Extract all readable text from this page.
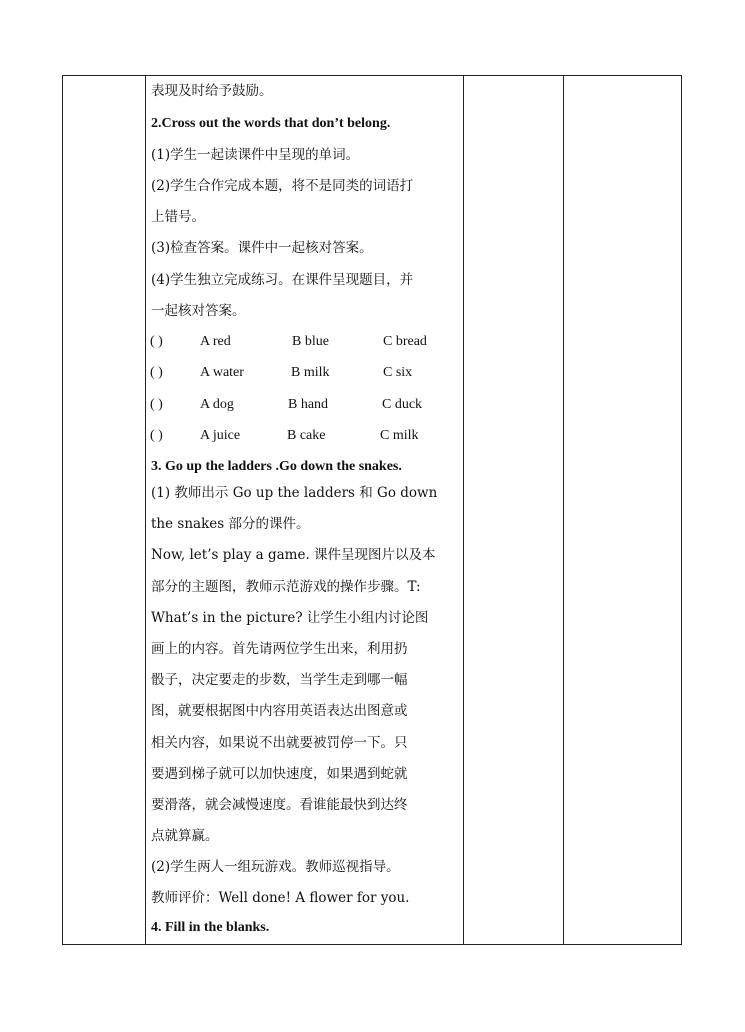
表现及时给予鼓励。
2.Cross out the words that don’t belong.
(1)学生一起读课件中呈现的单词。
(2)学生合作完成本题，将不是同类的词语打
上错号。
(3)检查答案。课件中一起核对答案。
(4)学生独立完成练习。在课件呈现题目，并
一起核对答案。
( )	A red	B blue	C bread
( )	A water	B milk	C six
( )	A dog	B hand	C duck
( )	A juice	B cake	C milk
3. Go up the ladders .Go down the snakes.
(1) 教师出示 Go up the ladders 和 Go down
the snakes 部分的课件。
Now, let’s play a game. 课件呈现图片以及本
部分的主题图，教师示范游戏的操作步骤。T:
What’s in the picture? 让学生小组内讨论图
画上的内容。首先请两位学生出来，利用扔
骰子，决定要走的步数，当学生走到哪一幅
图，就要根据图中内容用英语表达出图意或
相关内容，如果说不出就要被罚停一下。只
要遇到梯子就可以加快速度，如果遇到蛇就
要滑落，就会减慢速度。看谁能最快到达终
点就算赢。
(2)学生两人一组玩游戏。教师巡视指导。
教师评价：Well done! A flower for you.
4. Fill in the blanks.
